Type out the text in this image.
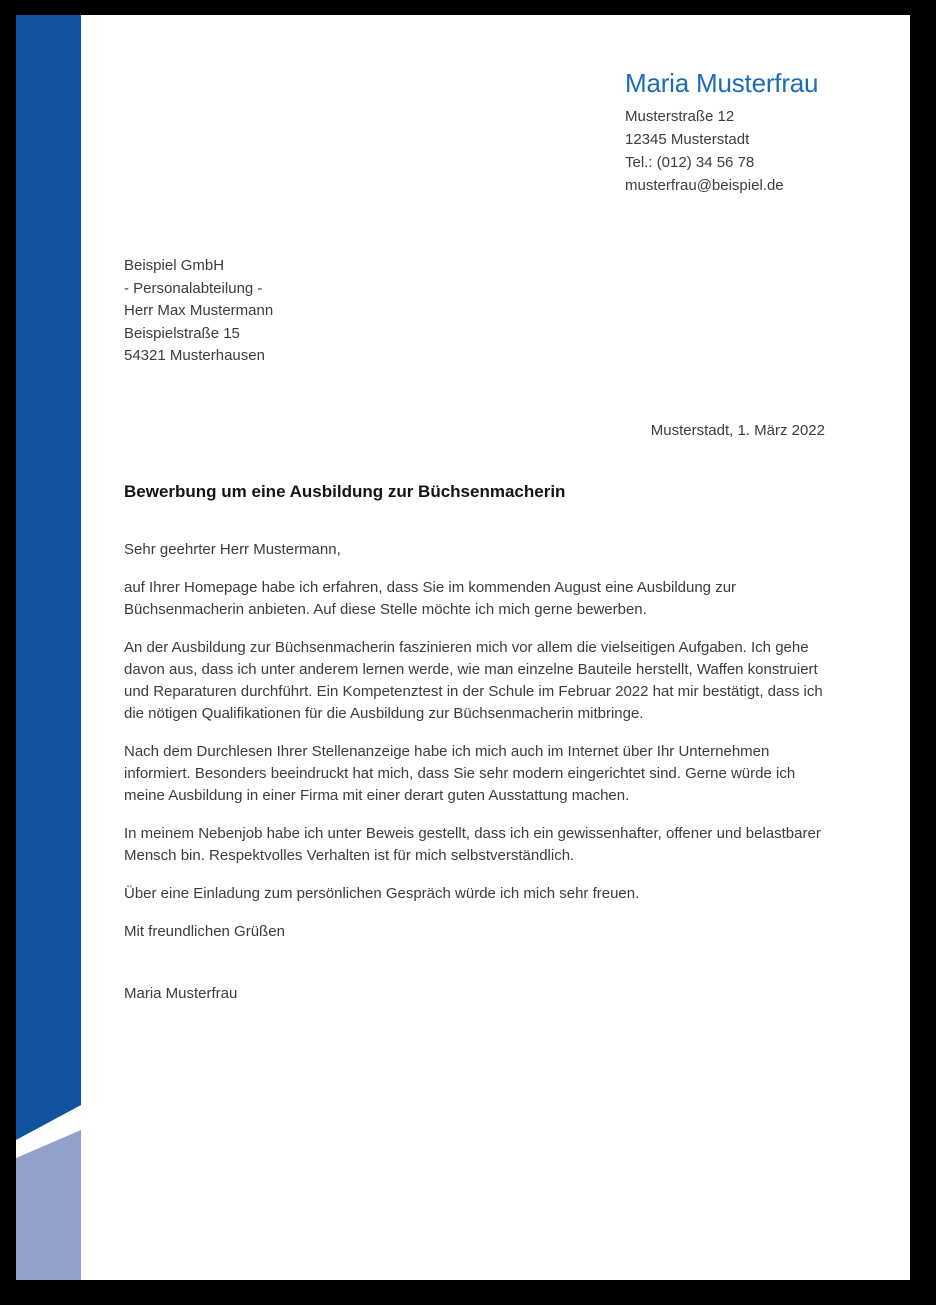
Maria Musterfrau
Musterstraße 12
12345 Musterstadt
Tel.: (012) 34 56 78
musterfrau@beispiel.de
Beispiel GmbH
- Personalabteilung -
Herr Max Mustermann
Beispielstraße 15
54321 Musterhausen
Musterstadt, 1. März 2022
Bewerbung um eine Ausbildung zur Büchsenmacherin

Sehr geehrter Herr Mustermann,

auf Ihrer Homepage habe ich erfahren, dass Sie im kommenden August eine Ausbildung zur Büchsenmacherin anbieten. Auf diese Stelle möchte ich mich gerne bewerben.

An der Ausbildung zur Büchsenmacherin faszinieren mich vor allem die vielseitigen Aufgaben. Ich gehe davon aus, dass ich unter anderem lernen werde, wie man einzelne Bauteile herstellt, Waffen konstruiert und Reparaturen durchführt. Ein Kompetenztest in der Schule im Februar 2022 hat mir bestätigt, dass ich die nötigen Qualifikationen für die Ausbildung zur Büchsenmacherin mitbringe.

Nach dem Durchlesen Ihrer Stellenanzeige habe ich mich auch im Internet über Ihr Unternehmen informiert. Besonders beeindruckt hat mich, dass Sie sehr modern eingerichtet sind. Gerne würde ich meine Ausbildung in einer Firma mit einer derart guten Ausstattung machen.

In meinem Nebenjob habe ich unter Beweis gestellt, dass ich ein gewissenhafter, offener und belastbarer Mensch bin. Respektvolles Verhalten ist für mich selbstverständlich.

Über eine Einladung zum persönlichen Gespräch würde ich mich sehr freuen.

Mit freundlichen Grüßen

Maria Musterfrau
